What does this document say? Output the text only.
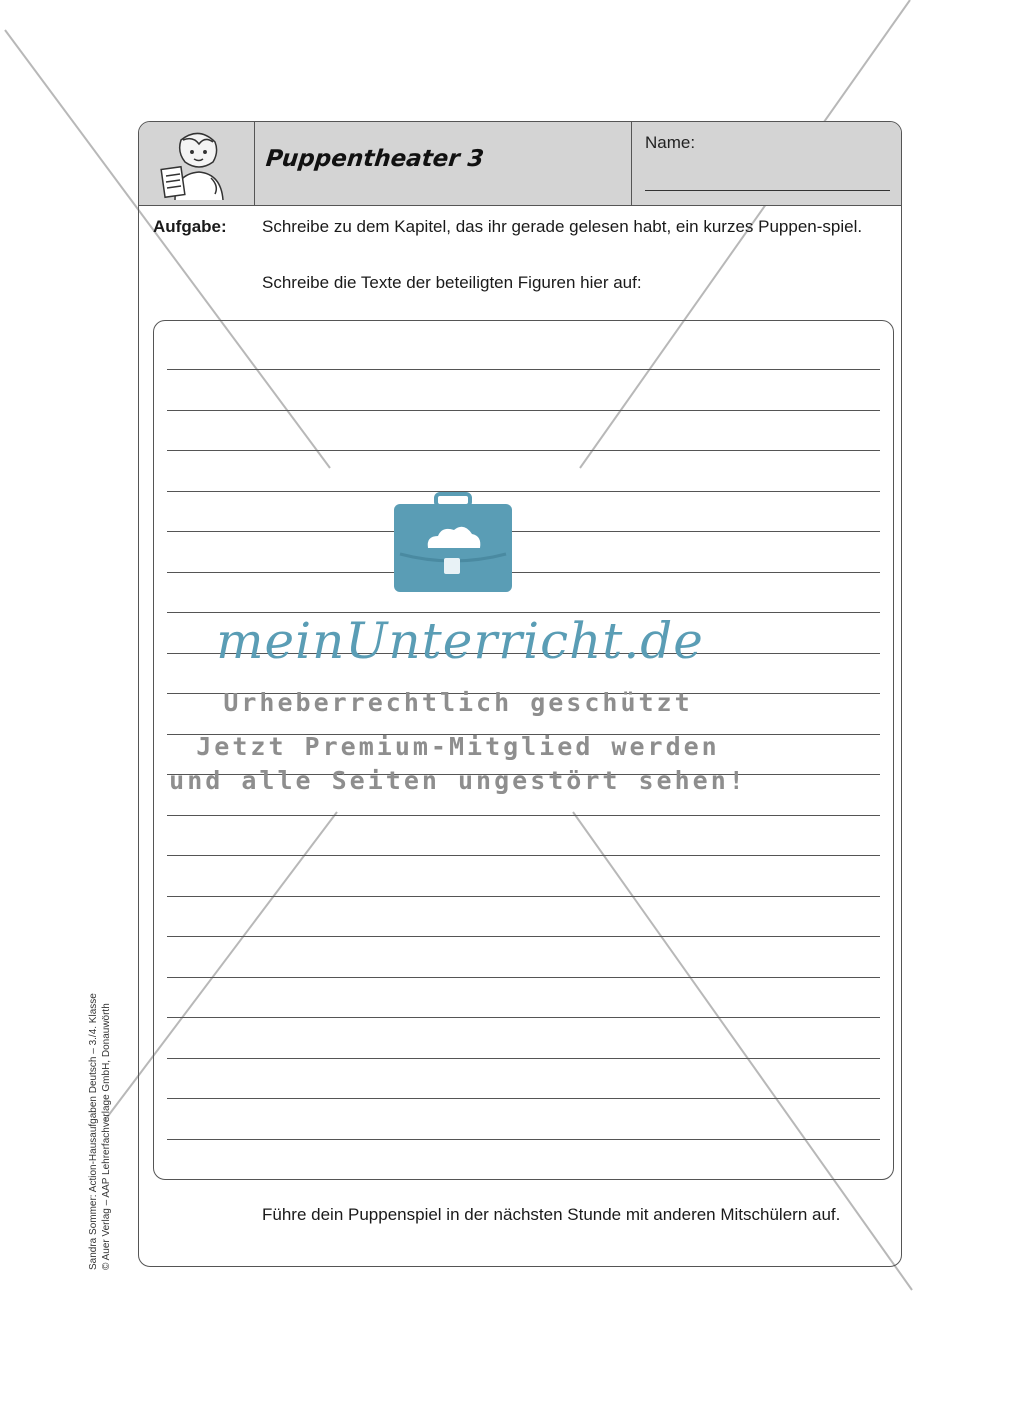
Puppentheater 3
Name:
Aufgabe: Schreibe zu dem Kapitel, das ihr gerade gelesen habt, ein kurzes Puppen-spiel.
Schreibe die Texte der beteiligten Figuren hier auf:
Führe dein Puppenspiel in der nächsten Stunde mit anderen Mitschülern auf.
meinUnterricht.de
Urheberrechtlich geschützt
Jetzt Premium-Mitglied werden
und alle Seiten ungestört sehen!
Sandra Sommer: Action-Hausaufgaben Deutsch – 3./4. Klasse © Auer Verlag – AAP Lehrerfachverlage GmbH, Donauwörth
